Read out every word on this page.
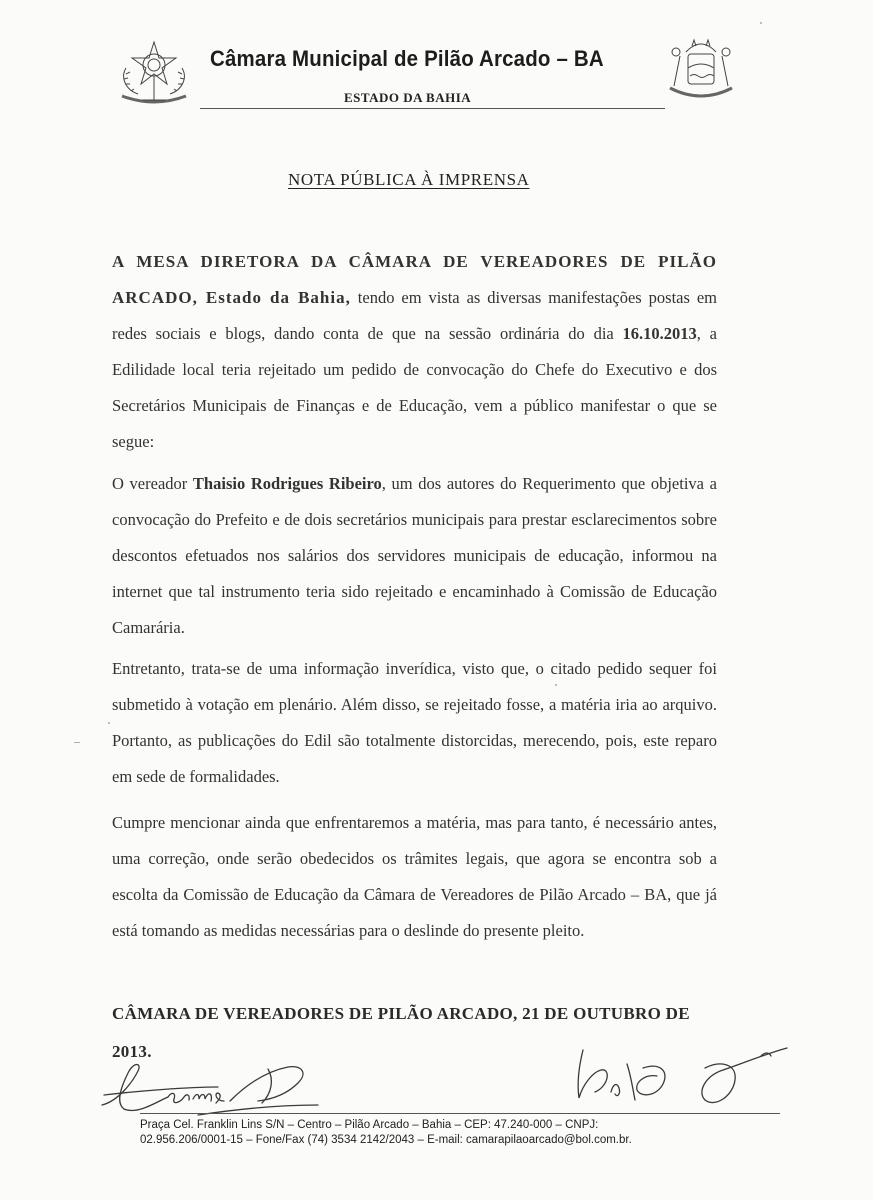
Câmara Municipal de Pilão Arcado – BA
ESTADO DA BAHIA
NOTA PÚBLICA À IMPRENSA
A MESA DIRETORA DA CÂMARA DE VEREADORES DE PILÃO ARCADO, Estado da Bahia, tendo em vista as diversas manifestações postas em redes sociais e blogs, dando conta de que na sessão ordinária do dia 16.10.2013, a Edilidade local teria rejeitado um pedido de convocação do Chefe do Executivo e dos Secretários Municipais de Finanças e de Educação, vem a público manifestar o que se segue:
O vereador Thaisio Rodrigues Ribeiro, um dos autores do Requerimento que objetiva a convocação do Prefeito e de dois secretários municipais para prestar esclarecimentos sobre descontos efetuados nos salários dos servidores municipais de educação, informou na internet que tal instrumento teria sido rejeitado e encaminhado à Comissão de Educação Camarária.
Entretanto, trata-se de uma informação inverídica, visto que, o citado pedido sequer foi submetido à votação em plenário. Além disso, se rejeitado fosse, a matéria iria ao arquivo. Portanto, as publicações do Edil são totalmente distorcidas, merecendo, pois, este reparo em sede de formalidades.
Cumpre mencionar ainda que enfrentaremos a matéria, mas para tanto, é necessário antes, uma correção, onde serão obedecidos os trâmites legais, que agora se encontra sob a escolta da Comissão de Educação da Câmara de Vereadores de Pilão Arcado – BA, que já está tomando as medidas necessárias para o deslinde do presente pleito.
CÂMARA DE VEREADORES DE PILÃO ARCADO, 21 DE OUTUBRO DE 2013.
Praça Cel. Franklin Lins S/N – Centro – Pilão Arcado – Bahia – CEP: 47.240-000 – CNPJ:
02.956.206/0001-15 – Fone/Fax (74) 3534 2142/2043 – E-mail: camarapilaoarcado@bol.com.br.
